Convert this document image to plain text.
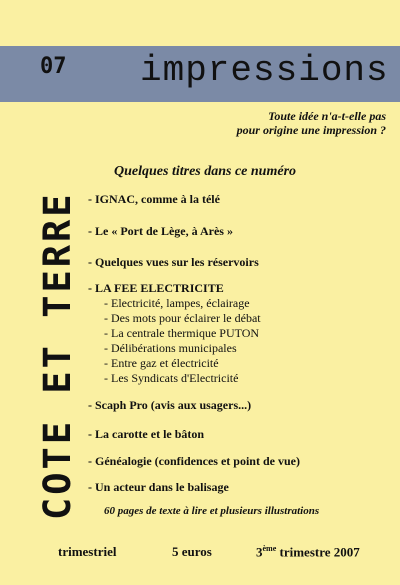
07 impressions
Toute idée n'a-t-elle pas
pour origine une impression ?
COTE ET TERRE
Quelques titres dans ce numéro
- IGNAC, comme à la télé
- Le « Port de Lège, à Arès »
- Quelques vues sur les réservoirs
- LA FEE ELECTRICITE
- Electricité, lampes, éclairage
- Des mots pour éclairer le débat
- La centrale thermique PUTON
- Délibérations municipales
- Entre gaz et électricité
- Les Syndicats d'Electricité
- Scaph Pro (avis aux usagers...)
- La carotte et le bâton
- Généalogie (confidences et point de vue)
- Un acteur dans le balisage
60 pages de texte à lire et plusieurs illustrations
trimestriel	5 euros	3ème trimestre 2007
